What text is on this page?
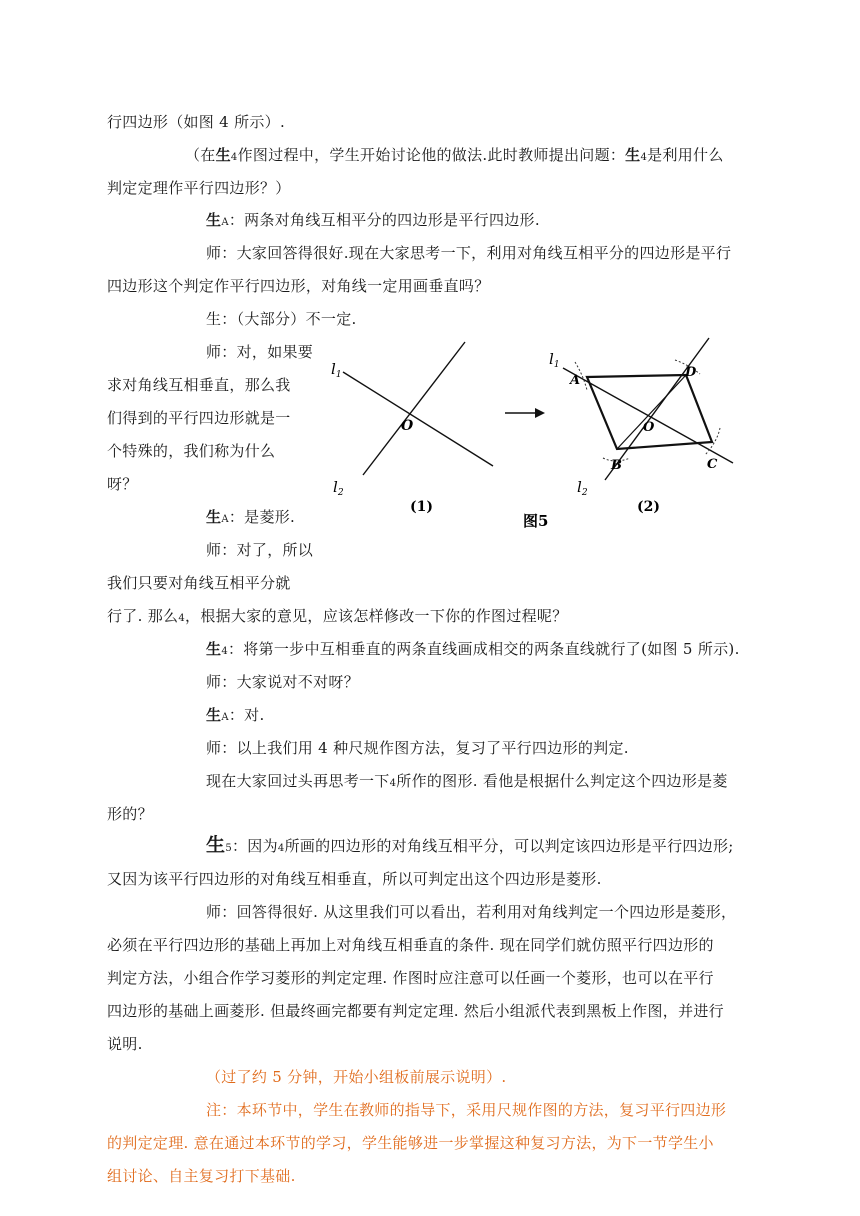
行四边形（如图 4 所示）.
（在生4作图过程中，学生开始讨论他的做法.此时教师提出问题：生4是利用什么
判定定理作平行四边形？）
生A：两条对角线互相平分的四边形是平行四边形.
师：大家回答得很好.现在大家思考一下，利用对角线互相平分的四边形是平行
四边形这个判定作平行四边形，对角线一定用画垂直吗？
生：（大部分）不一定.
师：对，如果要
求对角线互相垂直，那么我
们得到的平行四边形就是一
个特殊的，我们称为什么
呀？
生A：是菱形.
师：对了，所以
我们只要对角线互相平分就
行了. 那么4，根据大家的意见，应该怎样修改一下你的作图过程呢？
生4：将第一步中互相垂直的两条直线画成相交的两条直线就行了(如图 5 所示).
师：大家说对不对呀？
生A：对.
师：以上我们用 4 种尺规作图方法，复习了平行四边形的判定.
现在大家回过头再思考一下4所作的图形. 看他是根据什么判定这个四边形是菱
形的？
生5：因为4所画的四边形的对角线互相平分，可以判定该四边形是平行四边形;
又因为该平行四边形的对角线互相垂直，所以可判定出这个四边形是菱形.
师：回答得很好. 从这里我们可以看出，若利用对角线判定一个四边形是菱形，
必须在平行四边形的基础上再加上对角线互相垂直的条件. 现在同学们就仿照平行四边形的
判定方法，小组合作学习菱形的判定定理. 作图时应注意可以任画一个菱形，也可以在平行
四边形的基础上画菱形. 但最终画完都要有判定定理. 然后小组派代表到黑板上作图，并进行
说明.
（过了约 5 分钟，开始小组板前展示说明）.
注：本环节中，学生在教师的指导下，采用尺规作图的方法，复习平行四边形
的判定定理. 意在通过本环节的学习，学生能够进一步掌握这种复习方法，为下一节学生小
组讨论、自主复习打下基础.
$l_1$
$l_2$
O
(1)
$l_1$
$l_2$
A
D
C
B
O
(2)
图5
